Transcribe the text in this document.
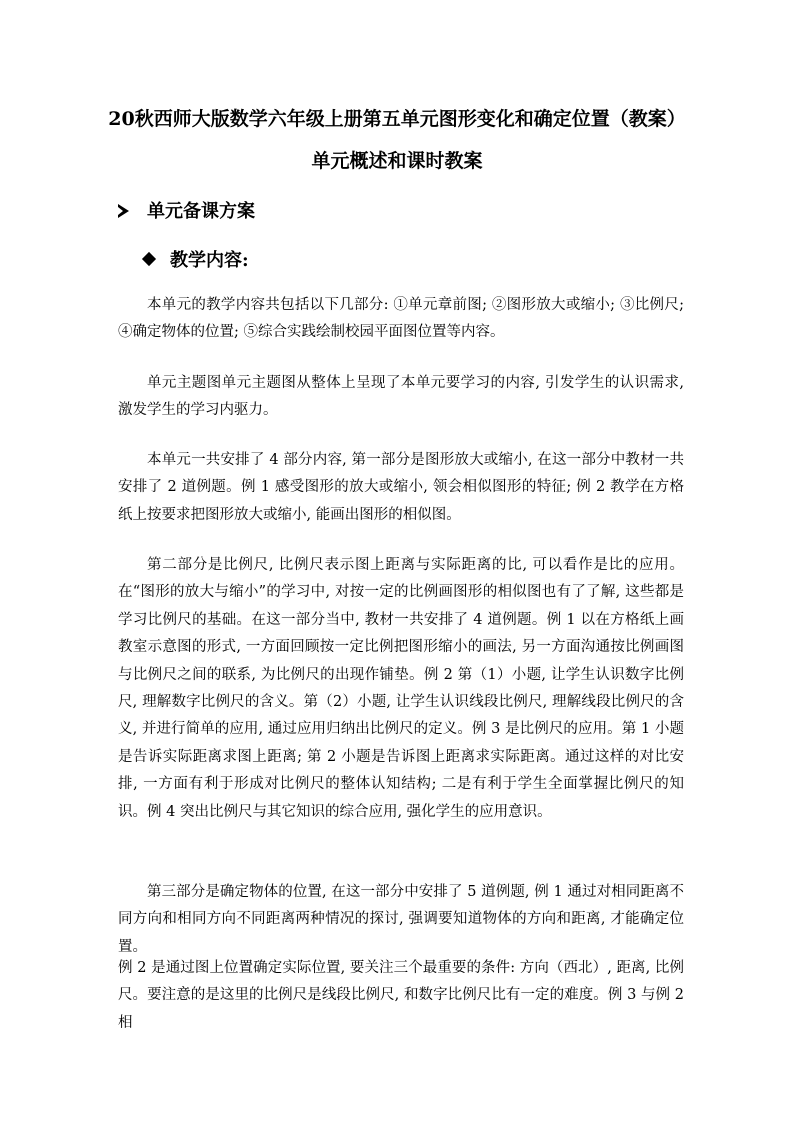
20秋西师大版数学六年级上册第五单元图形变化和确定位置（教案）
单元概述和课时教案
单元备课方案
教学内容:
本单元的教学内容共包括以下几部分: ①单元章前图; ②图形放大或缩小; ③比例尺; ④确定物体的位置; ⑤综合实践绘制校园平面图位置等内容。
单元主题图单元主题图从整体上呈现了本单元要学习的内容, 引发学生的认识需求, 激发学生的学习内驱力。
本单元一共安排了 4 部分内容, 第一部分是图形放大或缩小, 在这一部分中教材一共安排了 2 道例题。例 1 感受图形的放大或缩小, 领会相似图形的特征; 例 2 教学在方格纸上按要求把图形放大或缩小, 能画出图形的相似图。
第二部分是比例尺, 比例尺表示图上距离与实际距离的比, 可以看作是比的应用。在“图形的放大与缩小”的学习中, 对按一定的比例画图形的相似图也有了了解, 这些都是学习比例尺的基础。在这一部分当中, 教材一共安排了 4 道例题。例 1 以在方格纸上画教室示意图的形式, 一方面回顾按一定比例把图形缩小的画法, 另一方面沟通按比例画图与比例尺之间的联系, 为比例尺的出现作铺垫。例 2 第（1）小题, 让学生认识数字比例尺, 理解数字比例尺的含义。第（2）小题, 让学生认识线段比例尺, 理解线段比例尺的含义, 并进行简单的应用, 通过应用归纳出比例尺的定义。例 3 是比例尺的应用。第 1 小题是告诉实际距离求图上距离; 第 2 小题是告诉图上距离求实际距离。通过这样的对比安排, 一方面有利于形成对比例尺的整体认知结构; 二是有利于学生全面掌握比例尺的知识。例 4 突出比例尺与其它知识的综合应用, 强化学生的应用意识。
第三部分是确定物体的位置, 在这一部分中安排了 5 道例题, 例 1 通过对相同距离不同方向和相同方向不同距离两种情况的探讨, 强调要知道物体的方向和距离, 才能确定位置。
例 2 是通过图上位置确定实际位置, 要关注三个最重要的条件: 方向（西北）, 距离, 比例尺。要注意的是这里的比例尺是线段比例尺, 和数字比例尺比有一定的难度。例 3 与例 2 相
